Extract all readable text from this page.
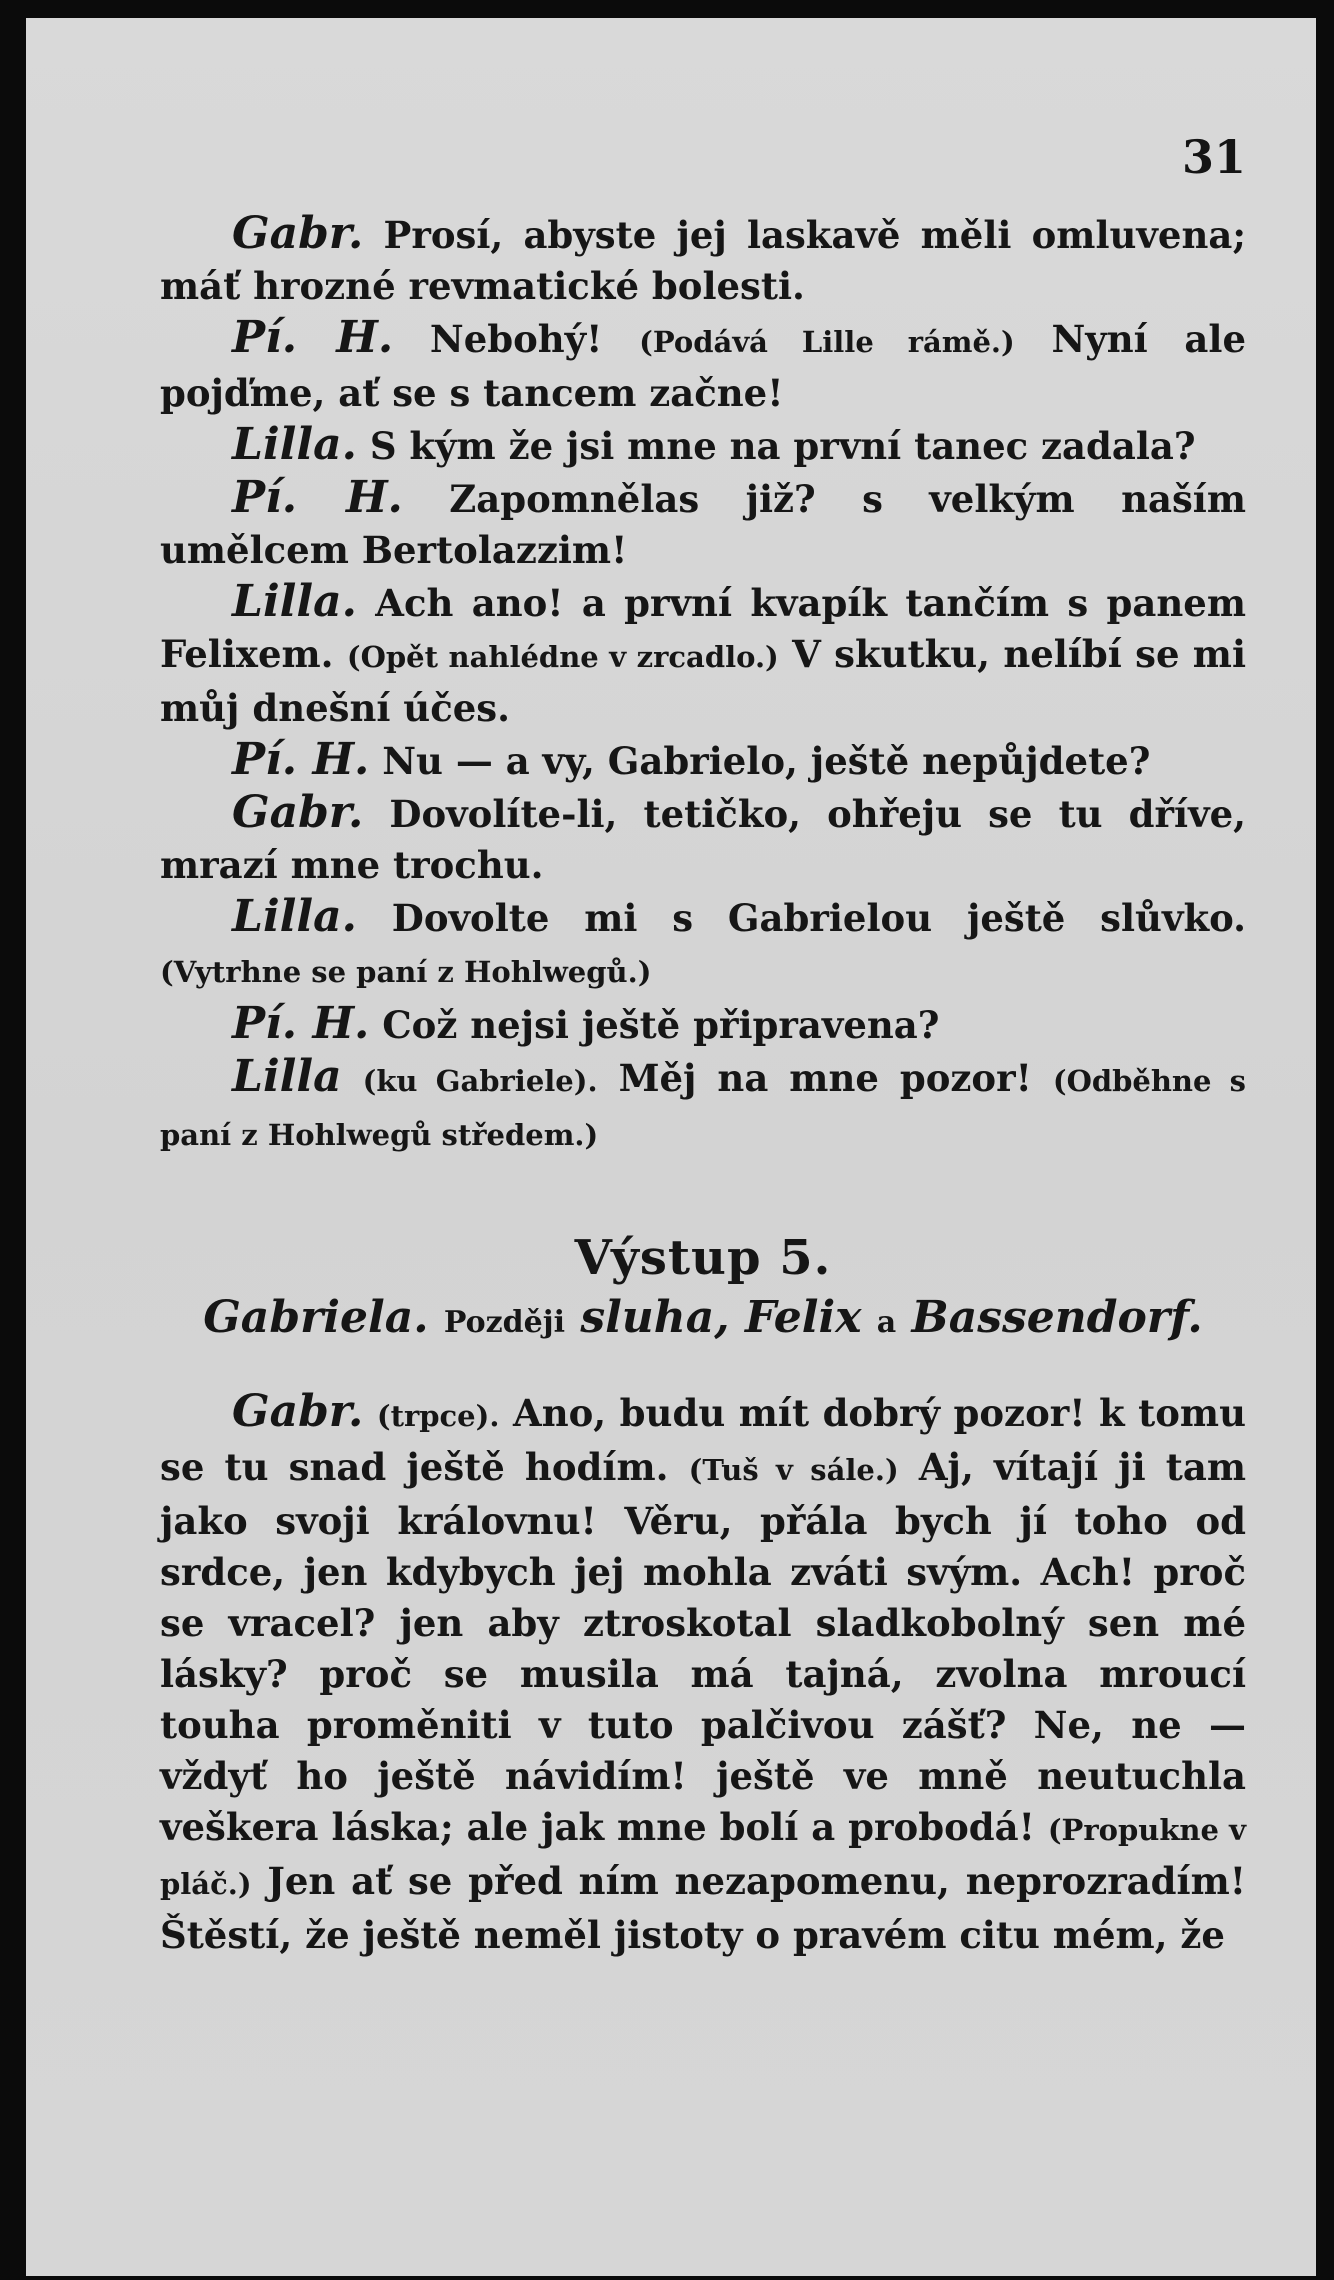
31

Gabr. Prosí, abyste jej laskavě měli omluvena; máť hrozné revmatické bolesti.

Pí. H. Nebohý! (Podává Lille rámě.) Nyní ale pojďme, ať se s tancem začne!

Lilla. S kým že jsi mne na první tanec zadala?

Pí. H. Zapomnělas již? s velkým naším umělcem Bertolazzim!

Lilla. Ach ano! a první kvapík tančím s panem Felixem. (Opět nahlédne v zrcadlo.) V skutku, nelíbí se mi můj dnešní účes.

Pí. H. Nu — a vy, Gabrielo, ještě nepůjdete?

Gabr. Dovolíte-li, tetičko, ohřeju se tu dříve, mrazí mne trochu.

Lilla. Dovolte mi s Gabrielou ještě slůvko. (Vytrhne se paní z Hohlwegů.)

Pí. H. Což nejsi ještě připravena?

Lilla (ku Gabriele). Měj na mne pozor! (Odběhne s paní z Hohlwegů středem.)

Výstup 5.
Gabriela. Později sluha, Felix a Bassendorf.

Gabr. (trpce). Ano, budu mít dobrý pozor! k tomu se tu snad ještě hodím. (Tuš v sále.) Aj, vítají ji tam jako svoji královnu! Věru, přála bych jí toho od srdce, jen kdybych jej mohla zváti svým. Ach! proč se vracel? jen aby ztroskotal sladkobolný sen mé lásky? proč se musila má tajná, zvolna mroucí touha proměniti v tuto palčivou zášť? Ne, ne — vždyť ho ještě návidím! ještě ve mně neutuchla veškera láska; ale jak mne bolí a probodá! (Propukne v pláč.) Jen ať se před ním nezapomenu, neprozradím! Štěstí, že ještě neměl jistoty o pravém citu mém, že
